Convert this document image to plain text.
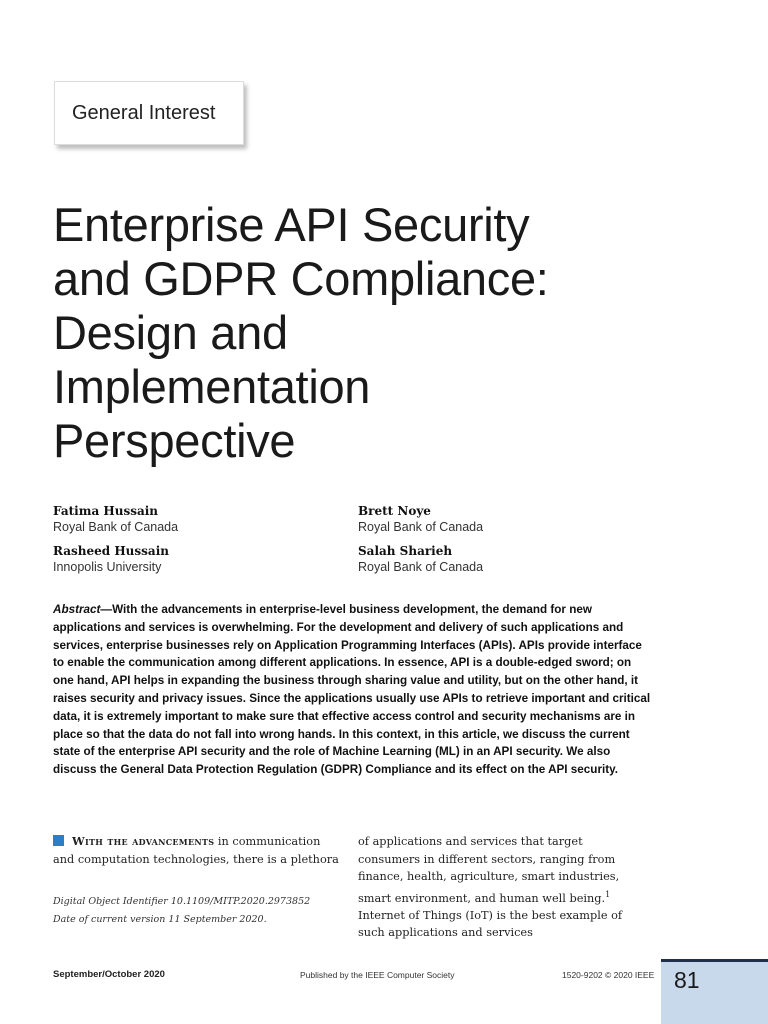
General Interest
Enterprise API Security and GDPR Compliance: Design and Implementation Perspective
Fatima Hussain
Royal Bank of Canada
Brett Noye
Royal Bank of Canada
Rasheed Hussain
Innopolis University
Salah Sharieh
Royal Bank of Canada

Abstract—With the advancements in enterprise-level business development, the demand for new applications and services is overwhelming. For the development and delivery of such applications and services, enterprise businesses rely on Application Programming Interfaces (APIs). APIs provide interface to enable the communication among different applications. In essence, API is a double-edged sword; on one hand, API helps in expanding the business through sharing value and utility, but on the other hand, it raises security and privacy issues. Since the applications usually use APIs to retrieve important and critical data, it is extremely important to make sure that effective access control and security mechanisms are in place so that the data do not fall into wrong hands. In this context, in this article, we discuss the current state of the enterprise API security and the role of Machine Learning (ML) in an API security. We also discuss the General Data Protection Regulation (GDPR) Compliance and its effect on the API security.

With the advancements in communication and computation technologies, there is a plethora

Digital Object Identifier 10.1109/MITP.2020.2973852
Date of current version 11 September 2020.

of applications and services that target consumers in different sectors, ranging from finance, health, agriculture, smart industries, smart environment, and human well being.$^1$ Internet of Things (IoT) is the best example of such applications and services

September/October 2020	Published by the IEEE Computer Society	1520-9202 © 2020 IEEE 81
